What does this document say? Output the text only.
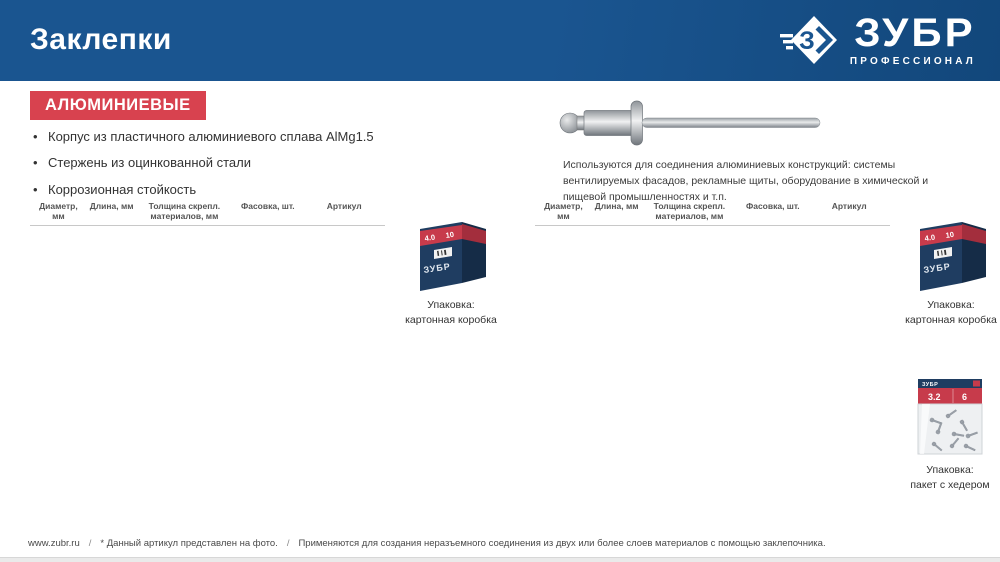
Заклепки	З ЗУБР
ПРОФЕССИОНАЛ
АЛЮМИНИЕВЫЕ
• Корпус из пластичного алюминиевого сплава AlMg1.5
• Стержень из оцинкованной стали
• Коррозионная стойкость
Используются для соединения алюминиевых конструкций: системы вентилируемых фасадов, рекламные щиты, оборудование в химической и пищевой промышленностях и т.п.
Диаметр, мм	Длина, мм	Толщина скрепл. материалов, мм	Фасовка, шт.	Артикул	Диаметр, мм	Длина, мм	Толщина скрепл. материалов, мм	Фасовка, шт.	Артикул
4.0 10
ЗУБР
Упаковка:
картонная коробка
4.0 10
ЗУБР
Упаковка:
картонная коробка
ЗУБР
3.2 6
Упаковка:
пакет с хедером
www.zubr.ru / * Данный артикул представлен на фото. / Применяются для создания неразъемного соединения из двух или более слоев материалов с помощью заклепочника.
